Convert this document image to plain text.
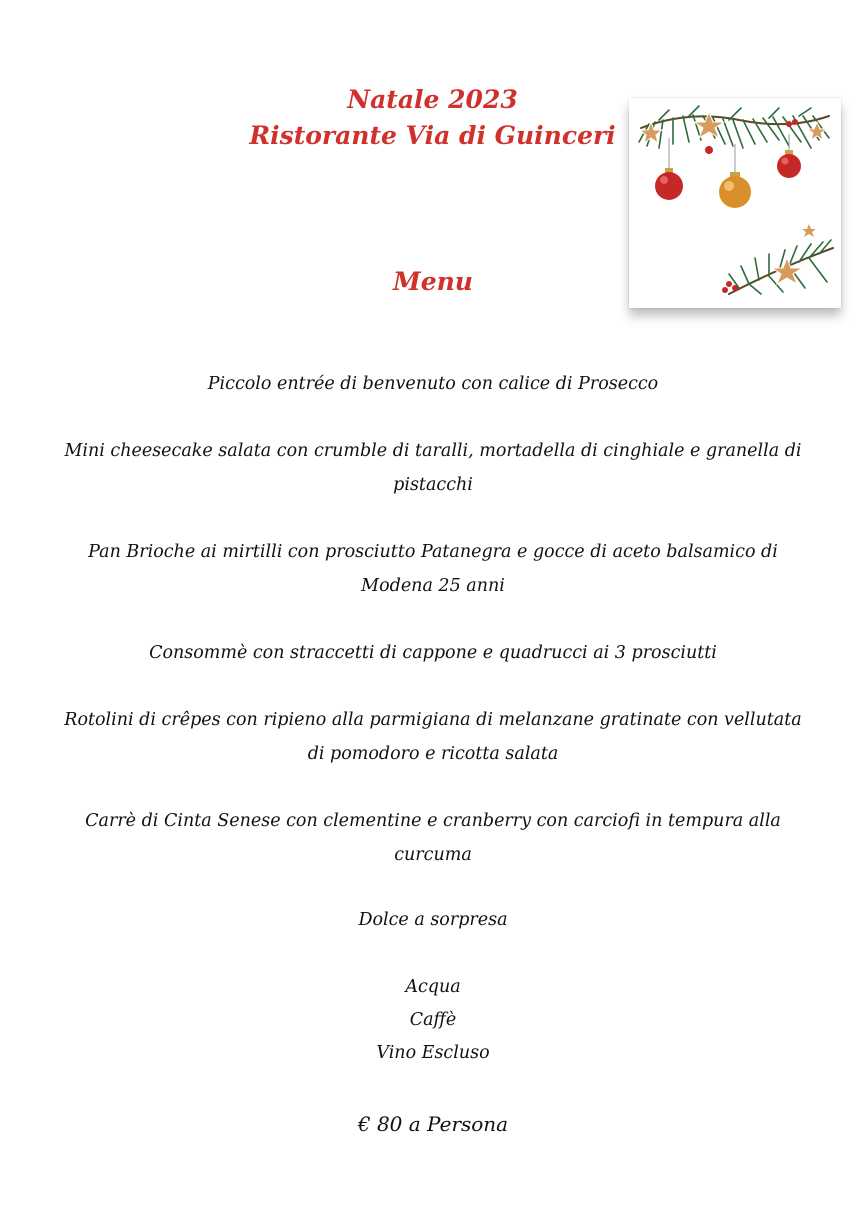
Natale 2023
Ristorante Via di Guinceri
Menu

Piccolo entrée di benvenuto con calice di Prosecco

Mini cheesecake salata con crumble di taralli, mortadella di cinghiale e granella di pistacchi

Pan Brioche ai mirtilli con prosciutto Patanegra e gocce di aceto balsamico di Modena 25 anni

Consommè con straccetti di cappone e quadrucci ai 3 prosciutti

Rotolini di crêpes con ripieno alla parmigiana di melanzane gratinate con vellutata di pomodoro e ricotta salata

Carrè di Cinta Senese con clementine e cranberry con carciofi in tempura alla curcuma

Dolce a sorpresa

Acqua

Caffè

Vino Escluso

€ 80 a Persona
